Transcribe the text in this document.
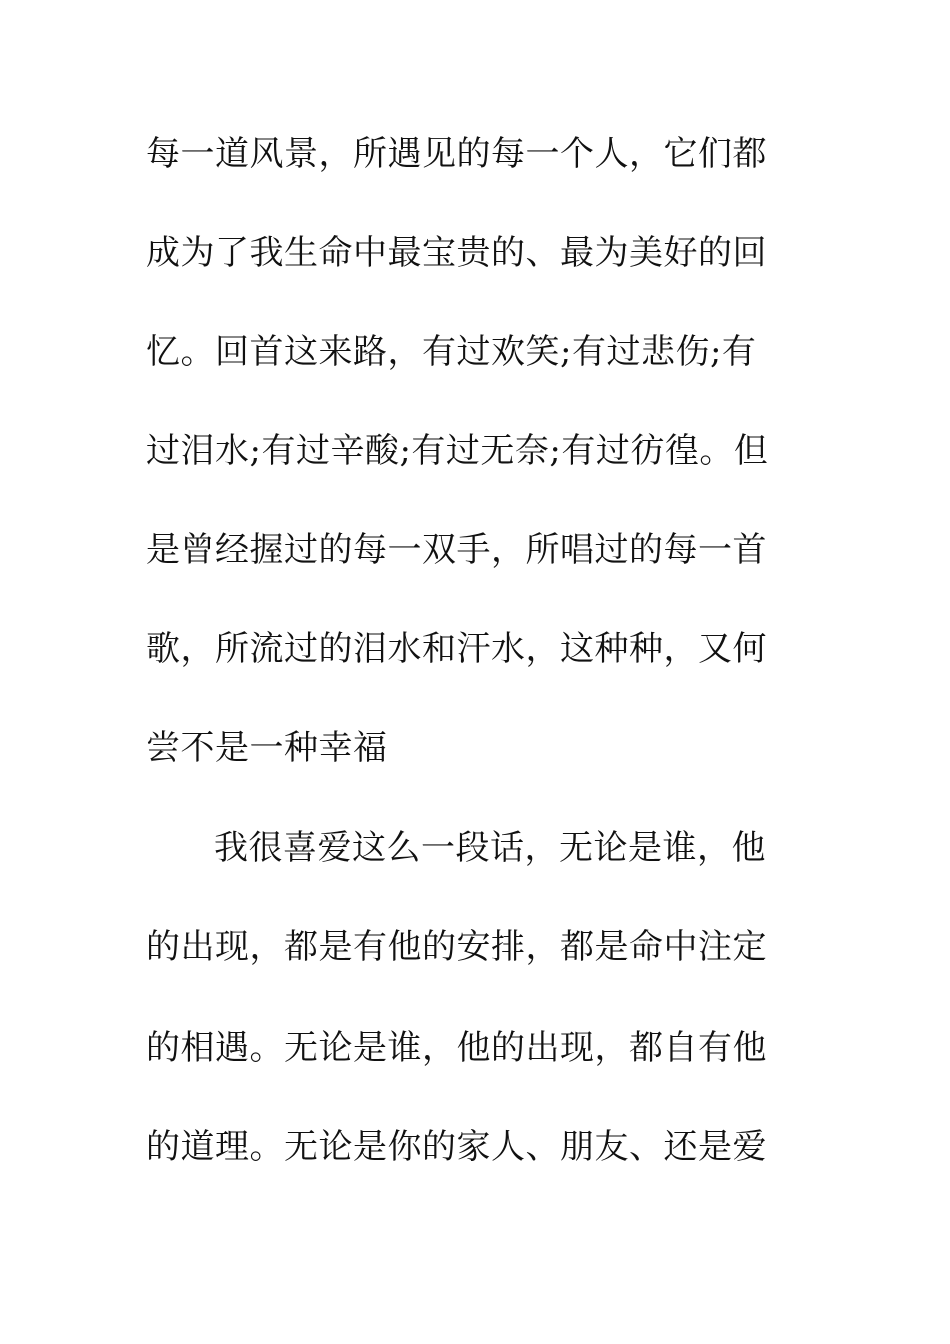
每一道风景，所遇见的每一个人，它们都
成为了我生命中最宝贵的、最为美好的回
忆。回首这来路，有过欢笑;有过悲伤;有
过泪水;有过辛酸;有过无奈;有过彷徨。但
是曾经握过的每一双手，所唱过的每一首
歌，所流过的泪水和汗水，这种种，又何
尝不是一种幸福
我很喜爱这么一段话，无论是谁，他
的出现，都是有他的安排，都是命中注定
的相遇。无论是谁，他的出现，都自有他
的道理。无论是你的家人、朋友、还是爱
